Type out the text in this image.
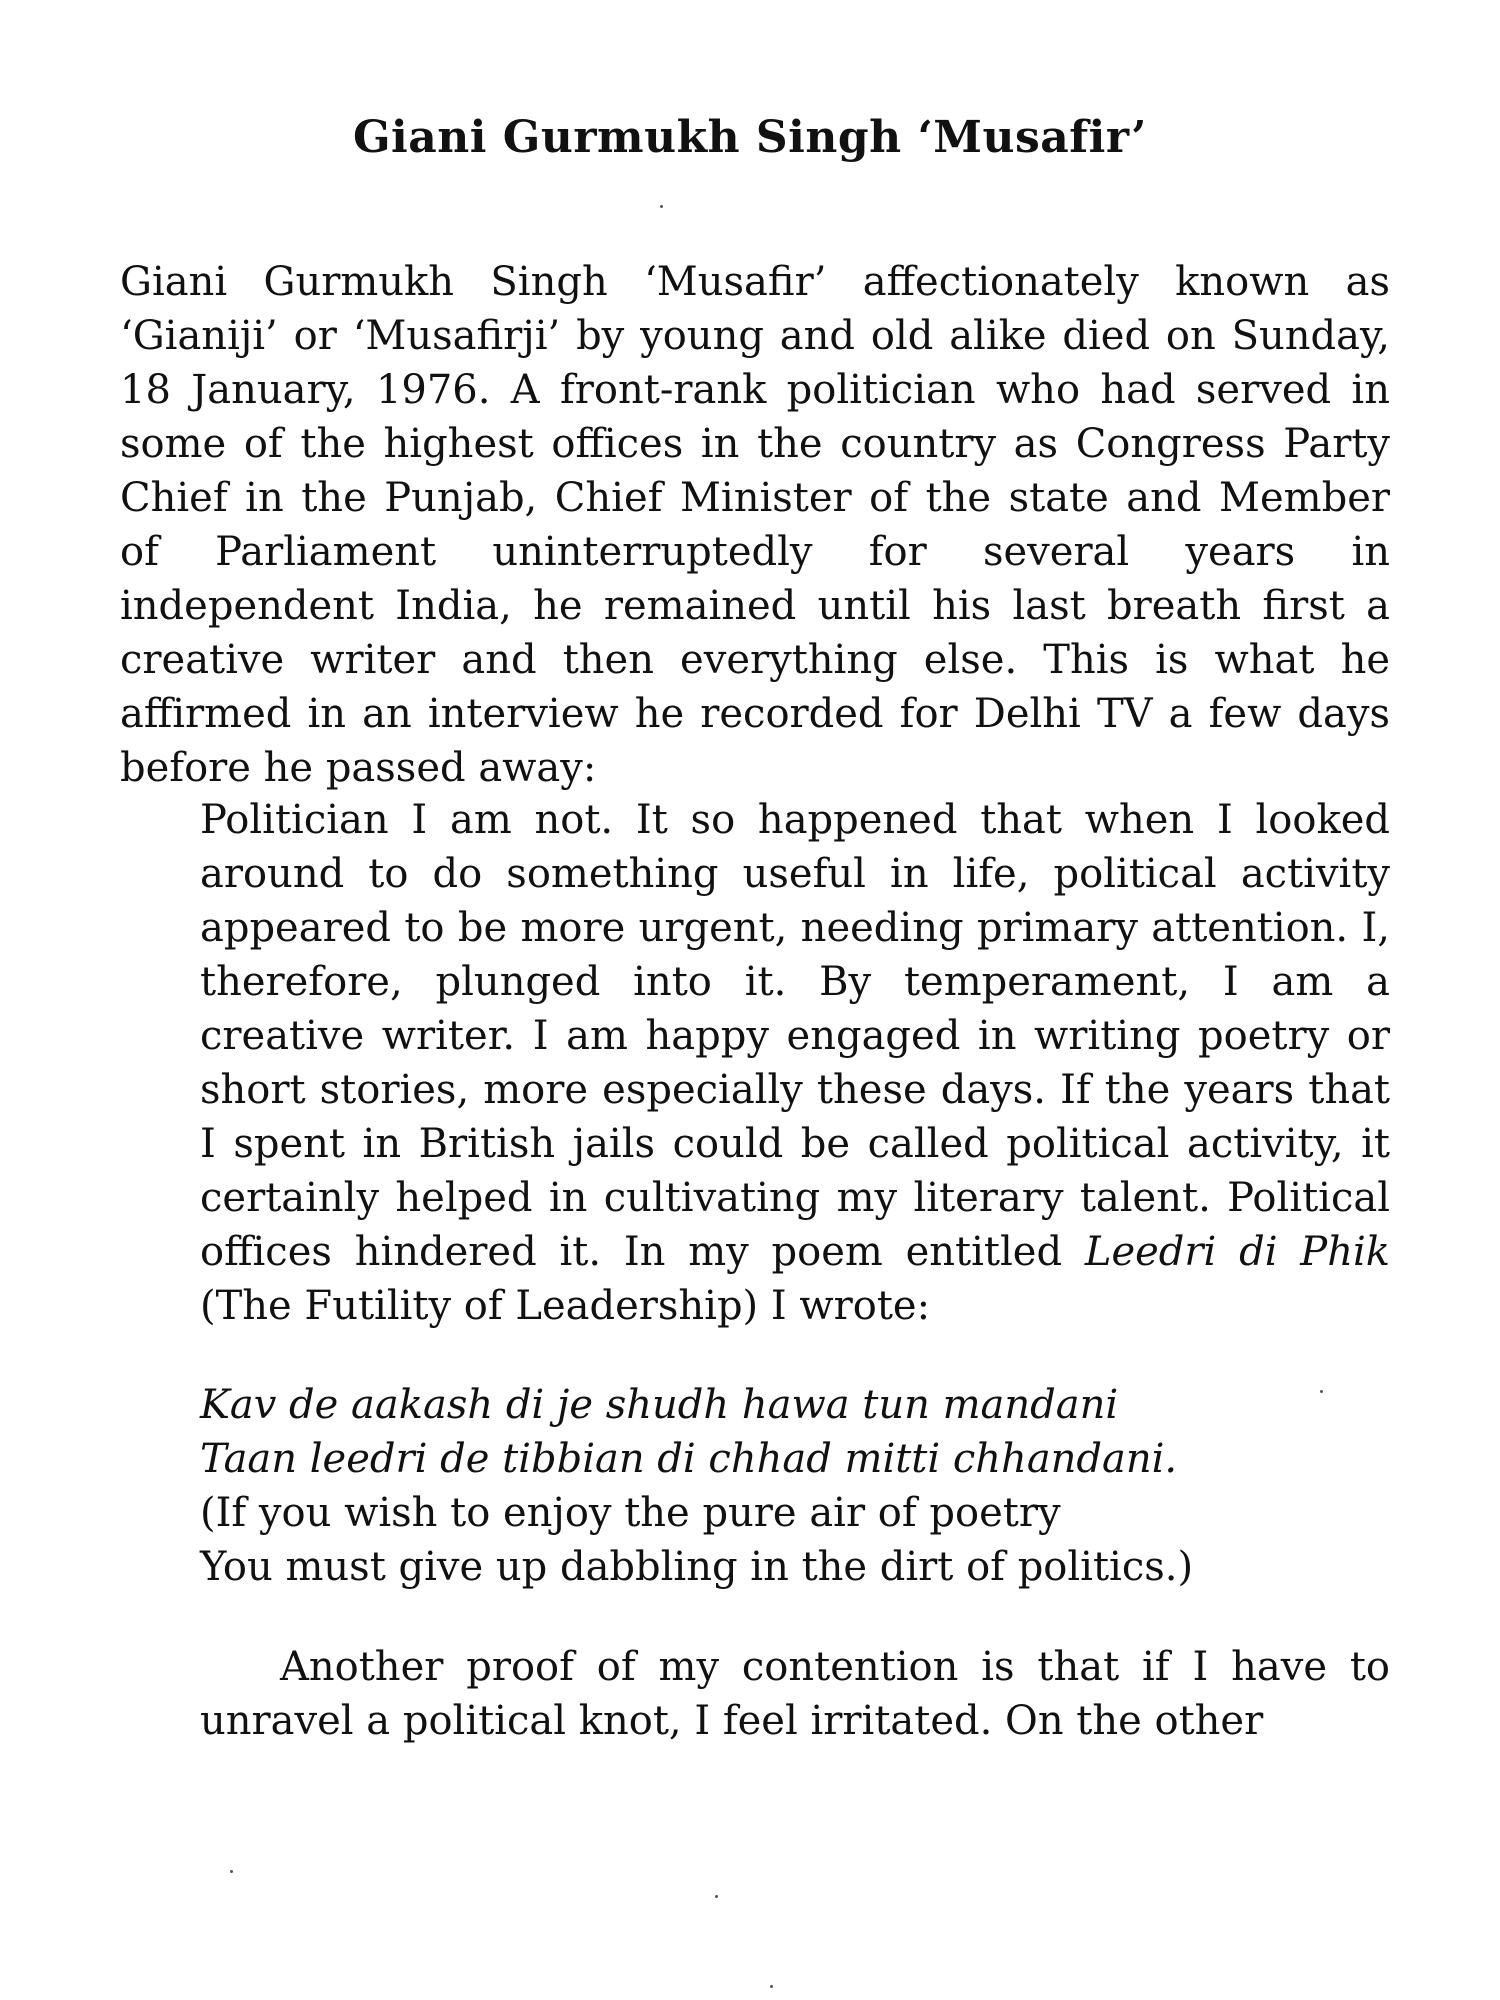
Giani Gurmukh Singh ‘Musafir’

Giani Gurmukh Singh ‘Musafir’ affectionately known as ‘Gianiji’ or ‘Musafirji’ by young and old alike died on Sunday, 18 January, 1976. A front-rank politician who had served in some of the highest offices in the country as Congress Party Chief in the Punjab, Chief Minister of the state and Member of Parliament uninterruptedly for several years in independent India, he remained until his last breath first a creative writer and then everything else. This is what he affirmed in an interview he recorded for Delhi TV a few days before he passed away:

Politician I am not. It so happened that when I looked around to do something useful in life, political activity appeared to be more urgent, needing primary attention. I, therefore, plunged into it. By temperament, I am a creative writer. I am happy engaged in writing poetry or short stories, more especially these days. If the years that I spent in British jails could be called political activity, it certainly helped in cultivating my literary talent. Political offices hindered it. In my poem entitled Leedri di Phik (The Futility of Leadership) I wrote:

Kav de aakash di je shudh hawa tun mandani
Taan leedri de tibbian di chhad mitti chhandani.
(If you wish to enjoy the pure air of poetry
You must give up dabbling in the dirt of politics.)

Another proof of my contention is that if I have to unravel a political knot, I feel irritated. On the other
